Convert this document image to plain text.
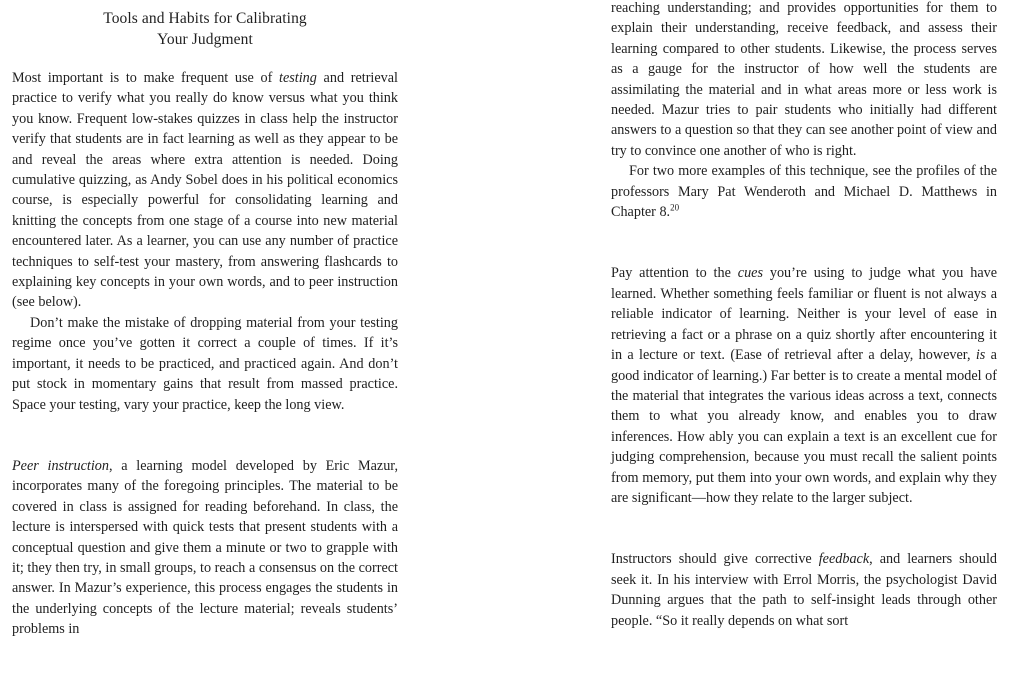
Tools and Habits for Calibrating
Your Judgment

Most important is to make frequent use of testing and retrieval practice to verify what you really do know versus what you think you know. Frequent low-stakes quizzes in class help the instructor verify that students are in fact learning as well as they appear to be and reveal the areas where extra attention is needed. Doing cumulative quizzing, as Andy Sobel does in his political economics course, is especially powerful for consolidating learning and knitting the concepts from one stage of a course into new material encountered later. As a learner, you can use any number of practice techniques to self-test your mastery, from answering flashcards to explaining key concepts in your own words, and to peer instruction (see below).

Don’t make the mistake of dropping material from your testing regime once you’ve gotten it correct a couple of times. If it’s important, it needs to be practiced, and practiced again. And don’t put stock in momentary gains that result from massed practice. Space your testing, vary your practice, keep the long view.

Peer instruction, a learning model developed by Eric Mazur, incorporates many of the foregoing principles. The material to be covered in class is assigned for reading beforehand. In class, the lecture is interspersed with quick tests that present students with a conceptual question and give them a minute or two to grapple with it; they then try, in small groups, to reach a consensus on the correct answer. In Mazur’s experience, this process engages the students in the underlying concepts of the lecture material; reveals students’ problems in

reaching understanding; and provides opportunities for them to explain their understanding, receive feedback, and assess their learning compared to other students. Likewise, the process serves as a gauge for the instructor of how well the students are assimilating the material and in what areas more or less work is needed. Mazur tries to pair students who initially had different answers to a question so that they can see another point of view and try to convince one another of who is right.

For two more examples of this technique, see the profiles of the professors Mary Pat Wenderoth and Michael D. Matthews in Chapter 8.20

Pay attention to the cues you’re using to judge what you have learned. Whether something feels familiar or fluent is not always a reliable indicator of learning. Neither is your level of ease in retrieving a fact or a phrase on a quiz shortly after encountering it in a lecture or text. (Ease of retrieval after a delay, however, is a good indicator of learning.) Far better is to create a mental model of the material that integrates the various ideas across a text, connects them to what you already know, and enables you to draw inferences. How ably you can explain a text is an excellent cue for judging comprehension, because you must recall the salient points from memory, put them into your own words, and explain why they are significant—how they relate to the larger subject.

Instructors should give corrective feedback, and learners should seek it. In his interview with Errol Morris, the psychologist David Dunning argues that the path to self-insight leads through other people. “So it really depends on what sort
